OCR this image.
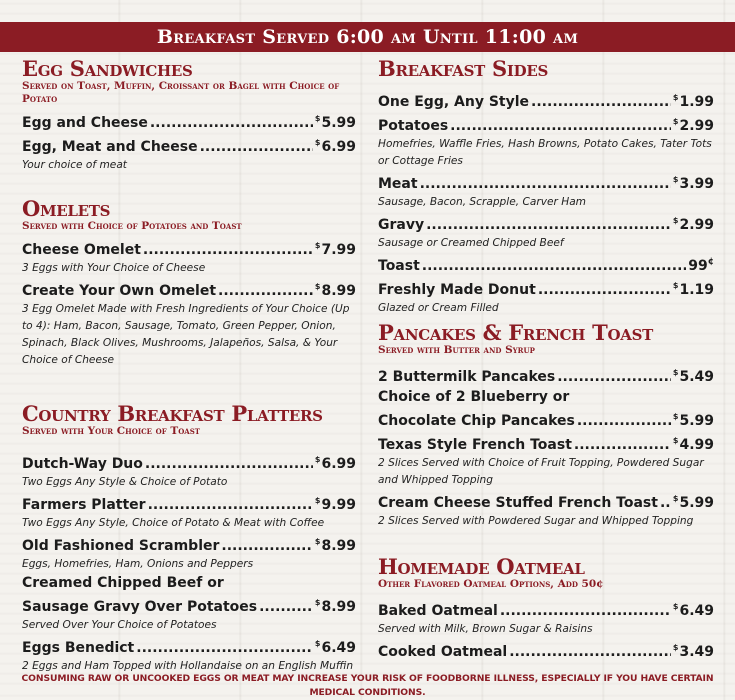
Breakfast Served 6:00 am Until 11:00 am
Egg Sandwiches
Served on Toast, Muffin, Croissant or Bagel with Choice of Potato
Egg and Cheese .....	$5.99
Egg, Meat and Cheese .....	$6.99
Your choice of meat
Omelets
Served with Choice of Potatoes and Toast
Cheese Omelet .....	$7.99
3 Eggs with Your Choice of Cheese
Create Your Own Omelet .....	$8.99
3 Egg Omelet Made with Fresh Ingredients of Your Choice (Up to 4): Ham, Bacon, Sausage, Tomato, Green Pepper, Onion, Spinach, Black Olives, Mushrooms, Jalapeños, Salsa, & Your Choice of Cheese
Country Breakfast Platters
Served with Your Choice of Toast
Dutch-Way Duo .....	$6.99
Two Eggs Any Style & Choice of Potato
Farmers Platter .....	$9.99
Two Eggs Any Style, Choice of Potato & Meat with Coffee
Old Fashioned Scrambler .....	$8.99
Eggs, Homefries, Ham, Onions and Peppers
Creamed Chipped Beef or
Sausage Gravy Over Potatoes .....	$8.99
Served Over Your Choice of Potatoes
Eggs Benedict .....	$6.49
2 Eggs and Ham Topped with Hollandaise on an English Muffin
Breakfast Sides
One Egg, Any Style .....	$1.99
Potatoes .....	$2.99
Homefries, Waffle Fries, Hash Browns, Potato Cakes, Tater Tots or Cottage Fries
Meat .....	$3.99
Sausage, Bacon, Scrapple, Carver Ham
Gravy .....	$2.99
Sausage or Creamed Chipped Beef
Toast .....	99¢
Freshly Made Donut .....	$1.19
Glazed or Cream Filled
Pancakes & French Toast
Served with Butter and Syrup
2 Buttermilk Pancakes .....	$5.49
Choice of 2 Blueberry or
Chocolate Chip Pancakes .....	$5.99
Texas Style French Toast .....	$4.99
2 Slices Served with Choice of Fruit Topping, Powdered Sugar and Whipped Topping
Cream Cheese Stuffed French Toast ..... $5.99
2 Slices Served with Powdered Sugar and Whipped Topping
Homemade Oatmeal
Other Flavored Oatmeal Options, Add 50¢
Baked Oatmeal .....	$6.49
Served with Milk, Brown Sugar & Raisins
Cooked Oatmeal .....	$3.49
CONSUMING RAW OR UNCOOKED EGGS OR MEAT MAY INCREASE YOUR RISK OF FOODBORNE ILLNESS, ESPECIALLY IF YOU HAVE CERTAIN MEDICAL CONDITIONS.
